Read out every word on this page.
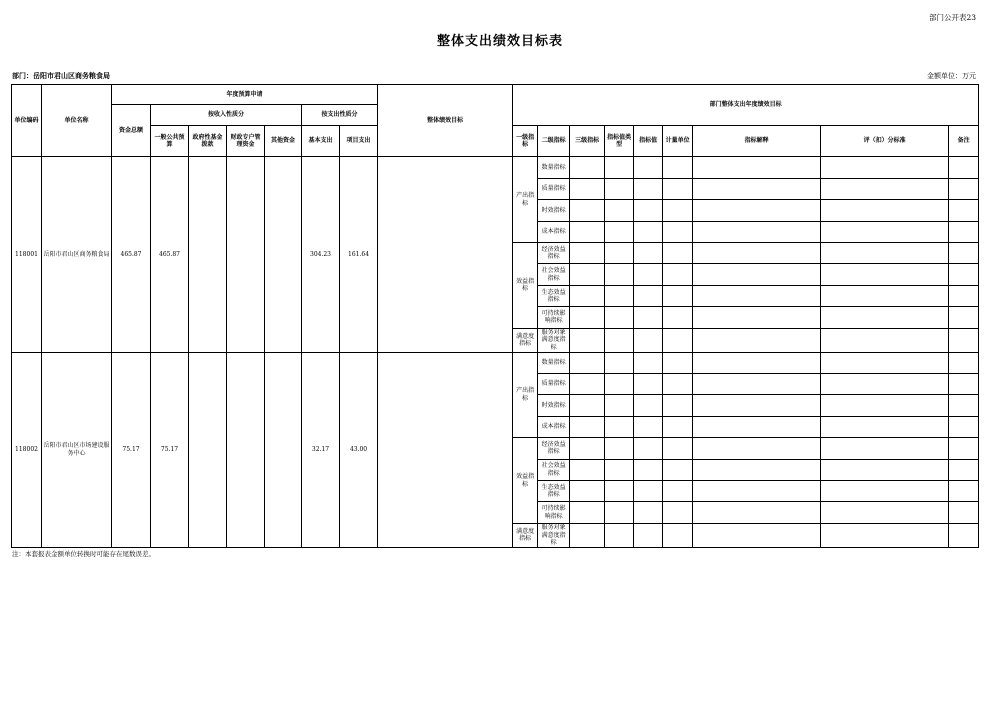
部门公开表23
整体支出绩效目标表
部门：岳阳市君山区商务粮食局	金额单位：万元
单位编码	单位名称	年度预算申请							整体绩效目标	部门整体支出年度绩效目标								
		资金总额	按收入性质分				按支出性质分											
			一般公共预算	政府性基金拨款	财政专户管理资金	其他资金	基本支出	项目支出		一级指标	二级指标	三级指标	指标值类型	指标值	计量单位	指标解释	评（扣）分标准	备注
118001	岳阳市君山区商务粮食局	465.87	465.87				304.23	161.64		产出指标	数量指标							
											质量指标							
											时效指标							
											成本指标							
										效益指标	经济效益指标							
											社会效益指标							
											生态效益指标							
											可持续影响指标							
										满意度指标	服务对象满意度指标							
118002	岳阳市君山区市场建设服务中心	75.17	75.17				32.17	43.00		产出指标	数量指标							
											质量指标							
											时效指标							
											成本指标							
										效益指标	经济效益指标							
											社会效益指标							
											生态效益指标							
											可持续影响指标							
										满意度指标	服务对象满意度指标							
注：本套报表金额单位转换时可能存在尾数误差。
